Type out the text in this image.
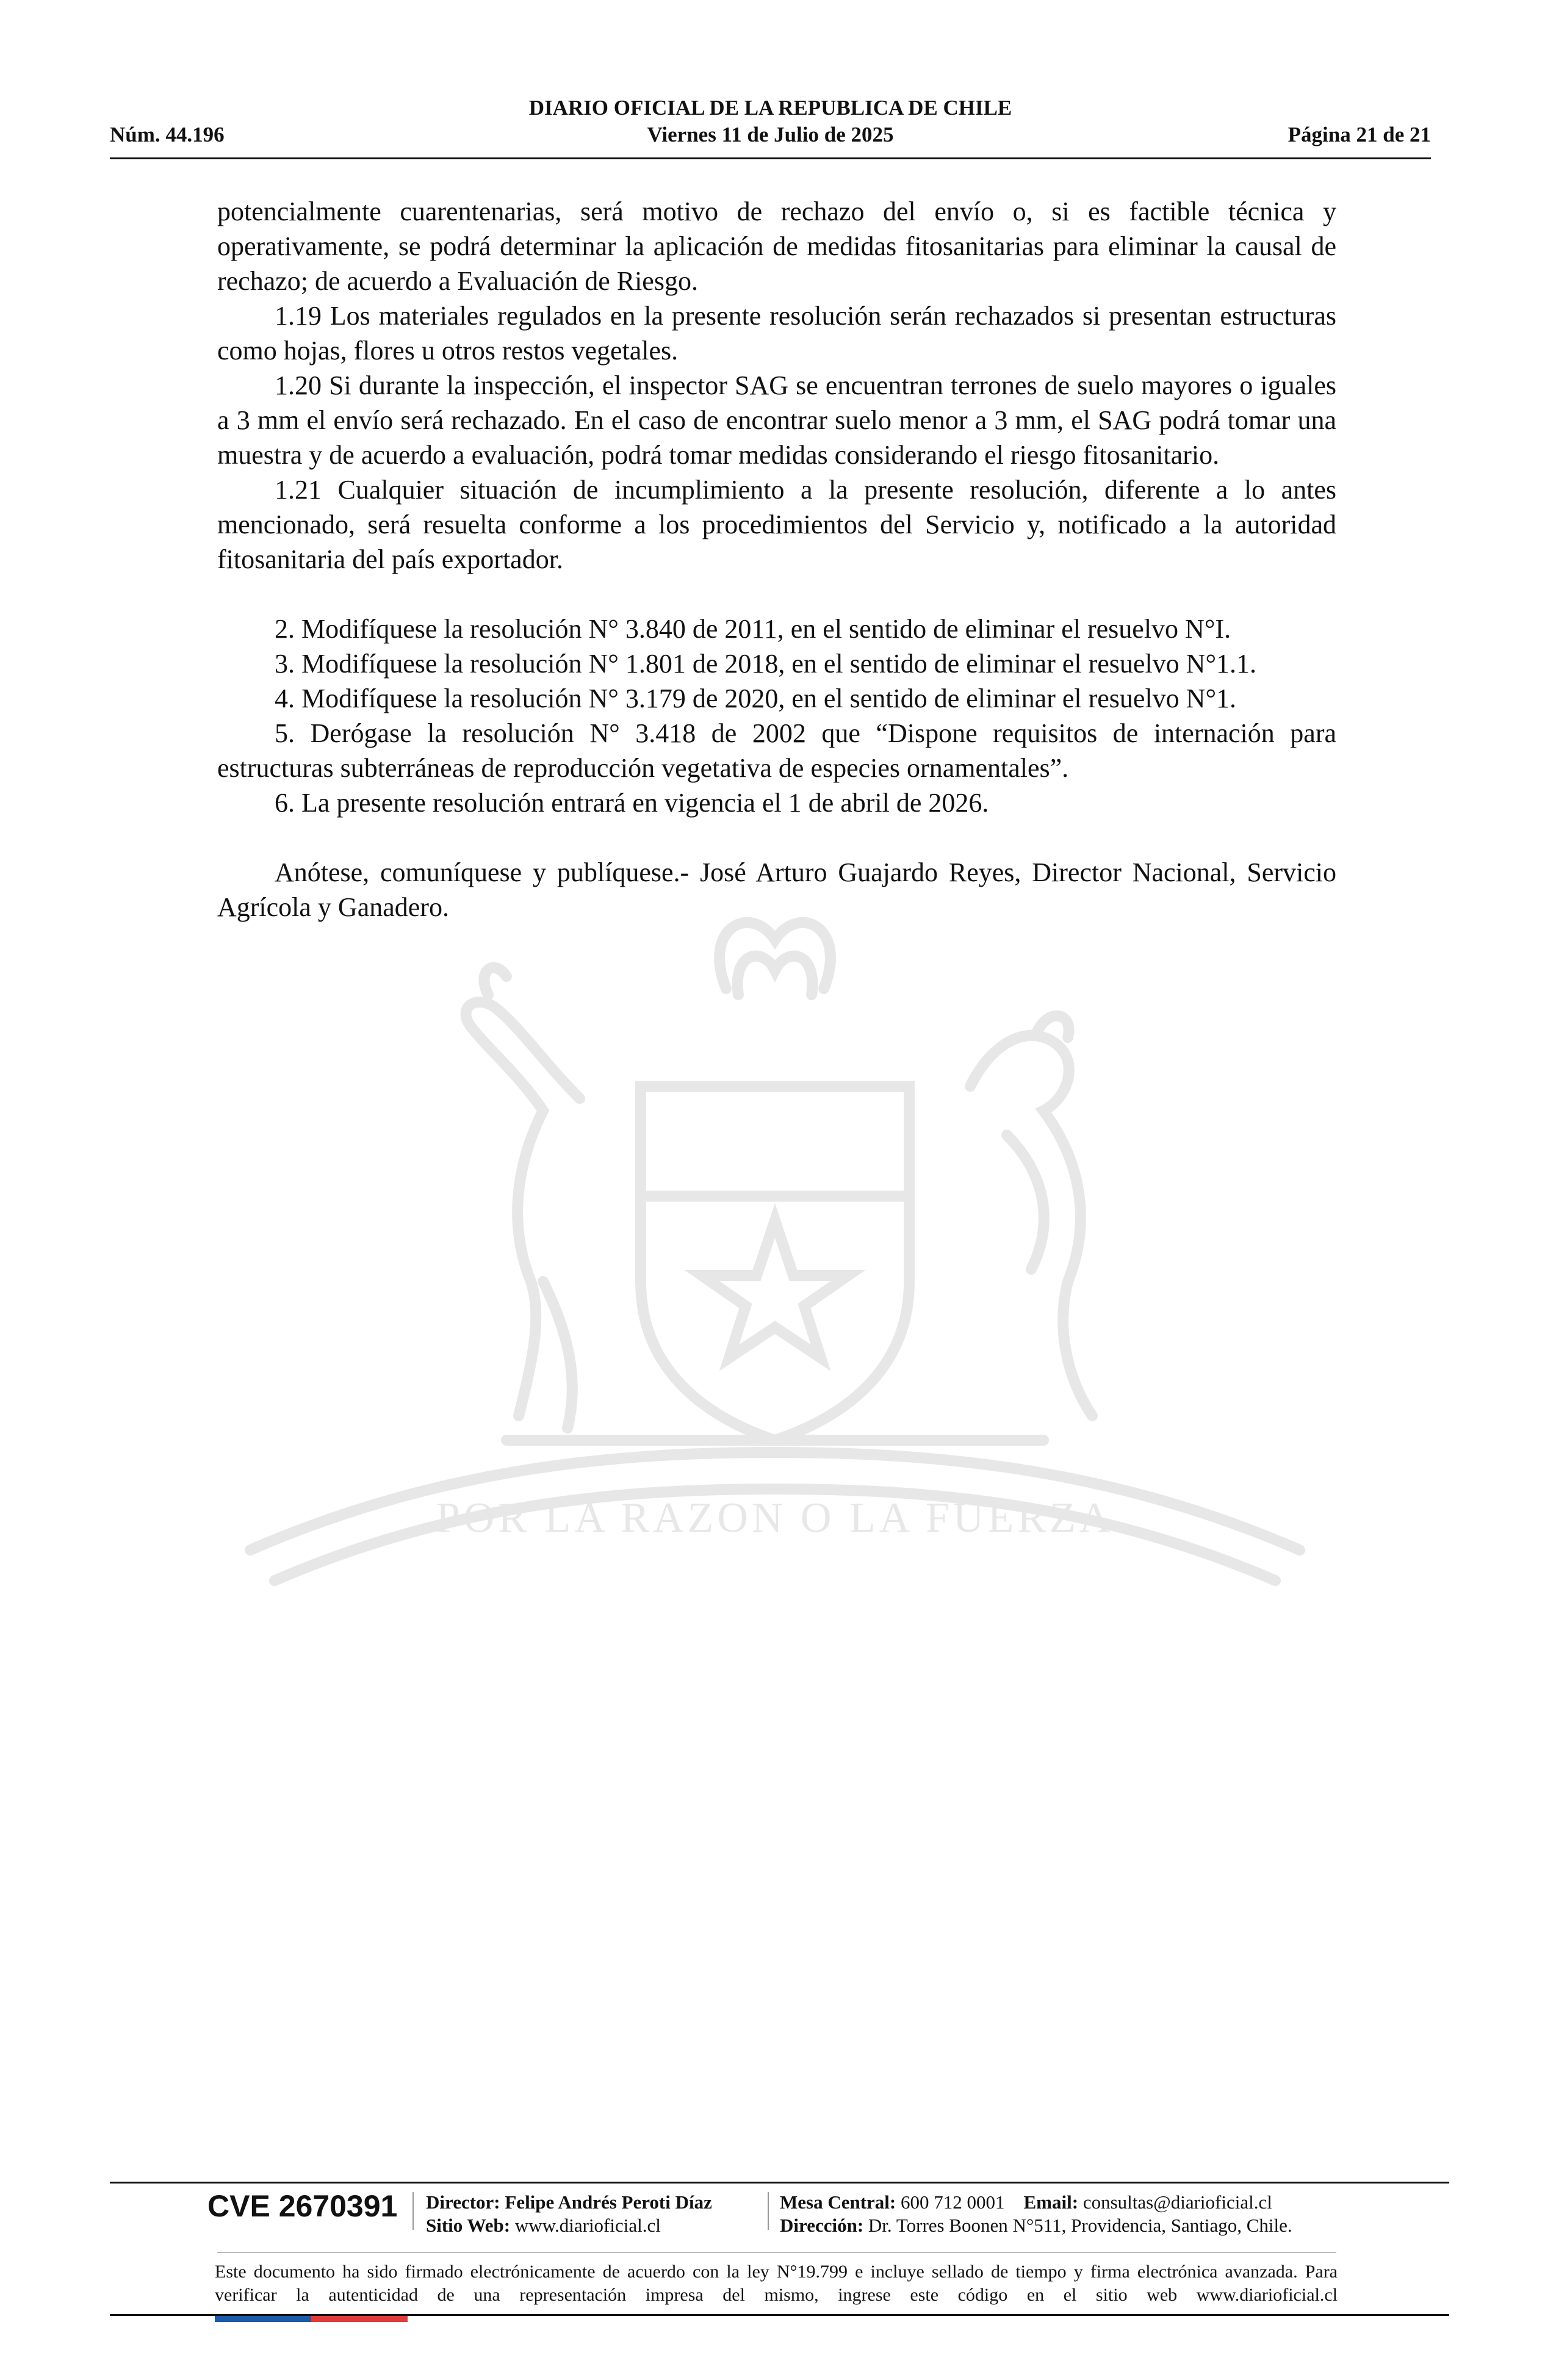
DIARIO OFICIAL DE LA REPUBLICA DE CHILE
Núm. 44.196	Viernes 11 de Julio de 2025	Página 21 de 21
POR LA RAZON O LA FUERZA

potencialmente cuarentenarias, será motivo de rechazo del envío o, si es factible técnica y operativamente, se podrá determinar la aplicación de medidas fitosanitarias para eliminar la causal de rechazo; de acuerdo a Evaluación de Riesgo.

1.19 Los materiales regulados en la presente resolución serán rechazados si presentan estructuras como hojas, flores u otros restos vegetales.

1.20 Si durante la inspección, el inspector SAG se encuentran terrones de suelo mayores o iguales a 3 mm el envío será rechazado. En el caso de encontrar suelo menor a 3 mm, el SAG podrá tomar una muestra y de acuerdo a evaluación, podrá tomar medidas considerando el riesgo fitosanitario.

1.21 Cualquier situación de incumplimiento a la presente resolución, diferente a lo antes mencionado, será resuelta conforme a los procedimientos del Servicio y, notificado a la autoridad fitosanitaria del país exportador.

2. Modifíquese la resolución N° 3.840 de 2011, en el sentido de eliminar el resuelvo N°I.

3. Modifíquese la resolución N° 1.801 de 2018, en el sentido de eliminar el resuelvo N°1.1.

4. Modifíquese la resolución N° 3.179 de 2020, en el sentido de eliminar el resuelvo N°1.

5. Derógase la resolución N° 3.418 de 2002 que “Dispone requisitos de internación para estructuras subterráneas de reproducción vegetativa de especies ornamentales”.

6. La presente resolución entrará en vigencia el 1 de abril de 2026.

Anótese, comuníquese y publíquese.- José Arturo Guajardo Reyes, Director Nacional, Servicio Agrícola y Ganadero.

CVE 2670391 Director: Felipe Andrés Peroti Díaz
Sitio Web: www.diarioficial.cl
Mesa Central: 600 712 0001 Email: consultas@diarioficial.cl
Dirección: Dr. Torres Boonen N°511, Providencia, Santiago, Chile.
Este documento ha sido firmado electrónicamente de acuerdo con la ley N°19.799 e incluye sellado de tiempo y firma electrónica avanzada. Para verificar la autenticidad de una representación impresa del mismo, ingrese este código en el sitio web www.diarioficial.cl
